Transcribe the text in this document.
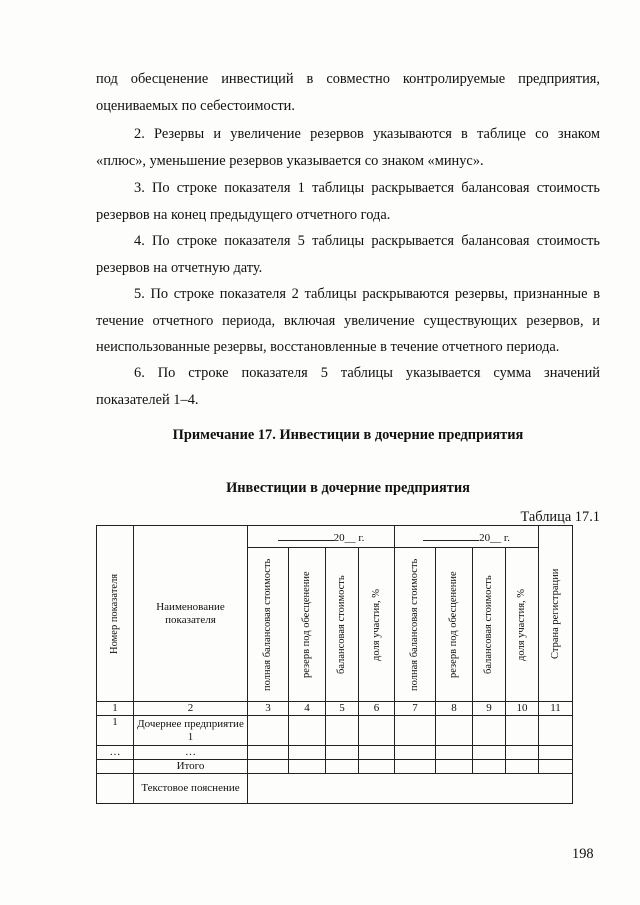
под обесценение инвестиций в совместно контролируемые предприятия, оцениваемых по себестоимости.

2. Резервы и увеличение резервов указываются в таблице со знаком «плюс», уменьшение резервов указывается со знаком «минус».

3. По строке показателя 1 таблицы раскрывается балансовая стоимость резервов на конец предыдущего отчетного года.

4. По строке показателя 5 таблицы раскрывается балансовая стоимость резервов на отчетную дату.

5. По строке показателя 2 таблицы раскрываются резервы, признанные в течение отчетного периода, включая увеличение существующих резервов, и неиспользованные резервы, восстановленные в течение отчетного периода.

6. По строке показателя 5 таблицы указывается сумма значений показателей 1–4.

Примечание 17. Инвестиции в дочерние предприятия

Инвестиции в дочерние предприятия

Таблица 17.1
Номер показателя	Наименование показателя	20__ г.				20__ г.				Страна регистрации

		полная балансовая стоимость	резерв под обесценение	балансовая стоимость	доля участия, %	полная балансовая стоимость	резерв под обесценение	балансовая стоимость	доля участия, %	

1	2	3	4	5	6	7	8	9	10	11
1	Дочернее предприятие 1									
…	…									
	Итого									
	Текстовое пояснение									
198
